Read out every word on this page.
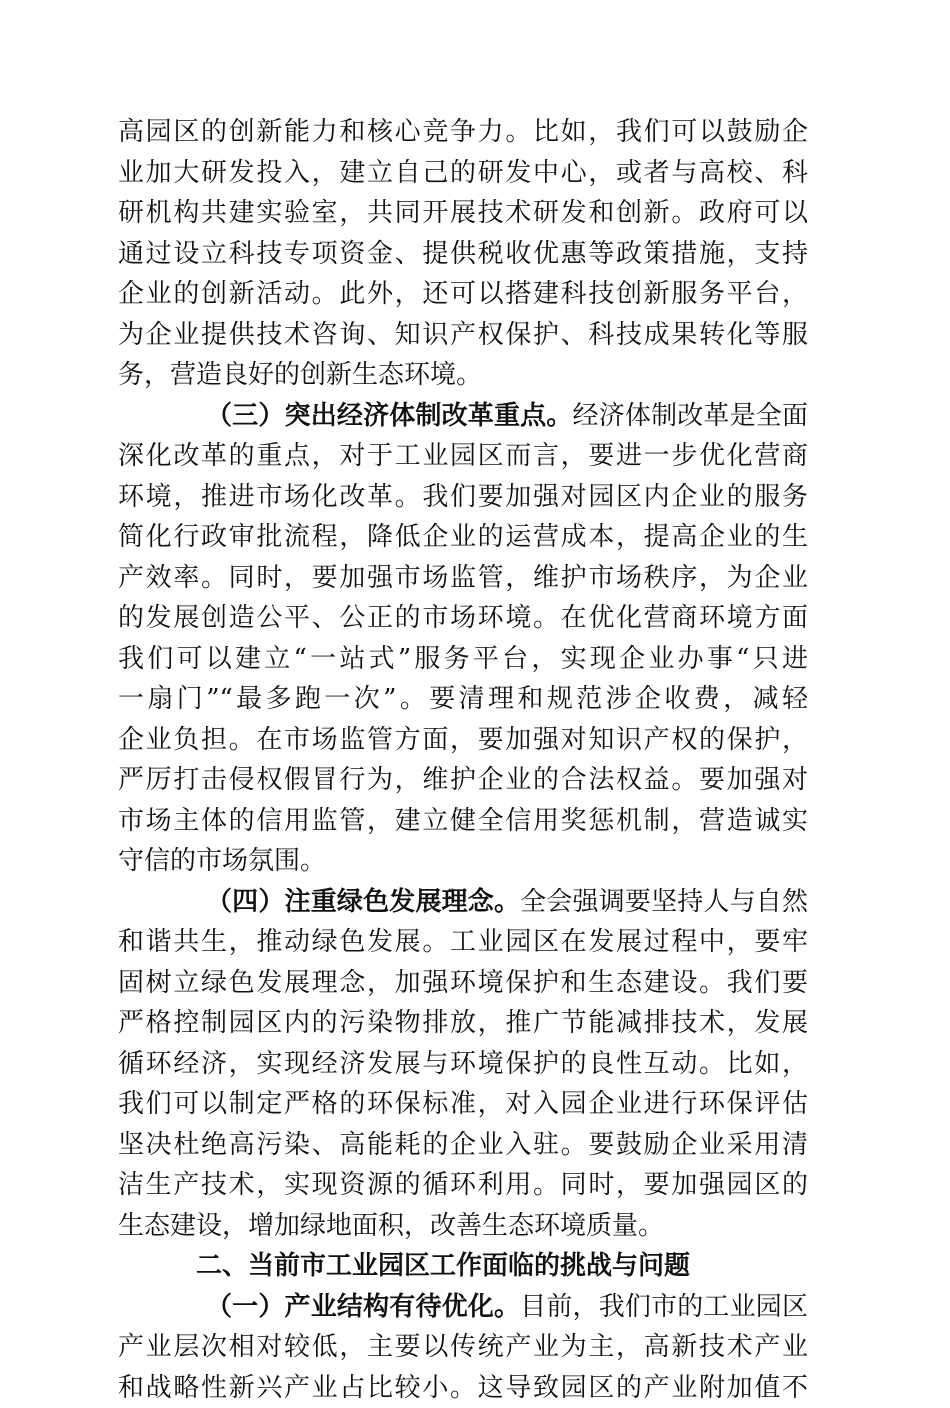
高园区的创新能力和核心竞争力。比如，我们可以鼓励企
业加大研发投入，建立自己的研发中心，或者与高校、科
研机构共建实验室，共同开展技术研发和创新。政府可以
通过设立科技专项资金、提供税收优惠等政策措施，支持
企业的创新活动。此外，还可以搭建科技创新服务平台，
为企业提供技术咨询、知识产权保护、科技成果转化等服
务，营造良好的创新生态环境。
（三）突出经济体制改革重点。经济体制改革是全面
深化改革的重点，对于工业园区而言，要进一步优化营商
环境，推进市场化改革。我们要加强对园区内企业的服务
简化行政审批流程，降低企业的运营成本，提高企业的生
产效率。同时，要加强市场监管，维护市场秩序，为企业
的发展创造公平、公正的市场环境。在优化营商环境方面
我们可以建立“一站式”服务平台，实现企业办事“只进
一扇门”“最多跑一次”。要清理和规范涉企收费，减轻
企业负担。在市场监管方面，要加强对知识产权的保护，
严厉打击侵权假冒行为，维护企业的合法权益。要加强对
市场主体的信用监管，建立健全信用奖惩机制，营造诚实
守信的市场氛围。
（四）注重绿色发展理念。全会强调要坚持人与自然
和谐共生，推动绿色发展。工业园区在发展过程中，要牢
固树立绿色发展理念，加强环境保护和生态建设。我们要
严格控制园区内的污染物排放，推广节能减排技术，发展
循环经济，实现经济发展与环境保护的良性互动。比如，
我们可以制定严格的环保标准，对入园企业进行环保评估
坚决杜绝高污染、高能耗的企业入驻。要鼓励企业采用清
洁生产技术，实现资源的循环利用。同时，要加强园区的
生态建设，增加绿地面积，改善生态环境质量。
二、当前市工业园区工作面临的挑战与问题
（一）产业结构有待优化。目前，我们市的工业园区
产业层次相对较低，主要以传统产业为主，高新技术产业
和战略性新兴产业占比较小。这导致园区的产业附加值不
